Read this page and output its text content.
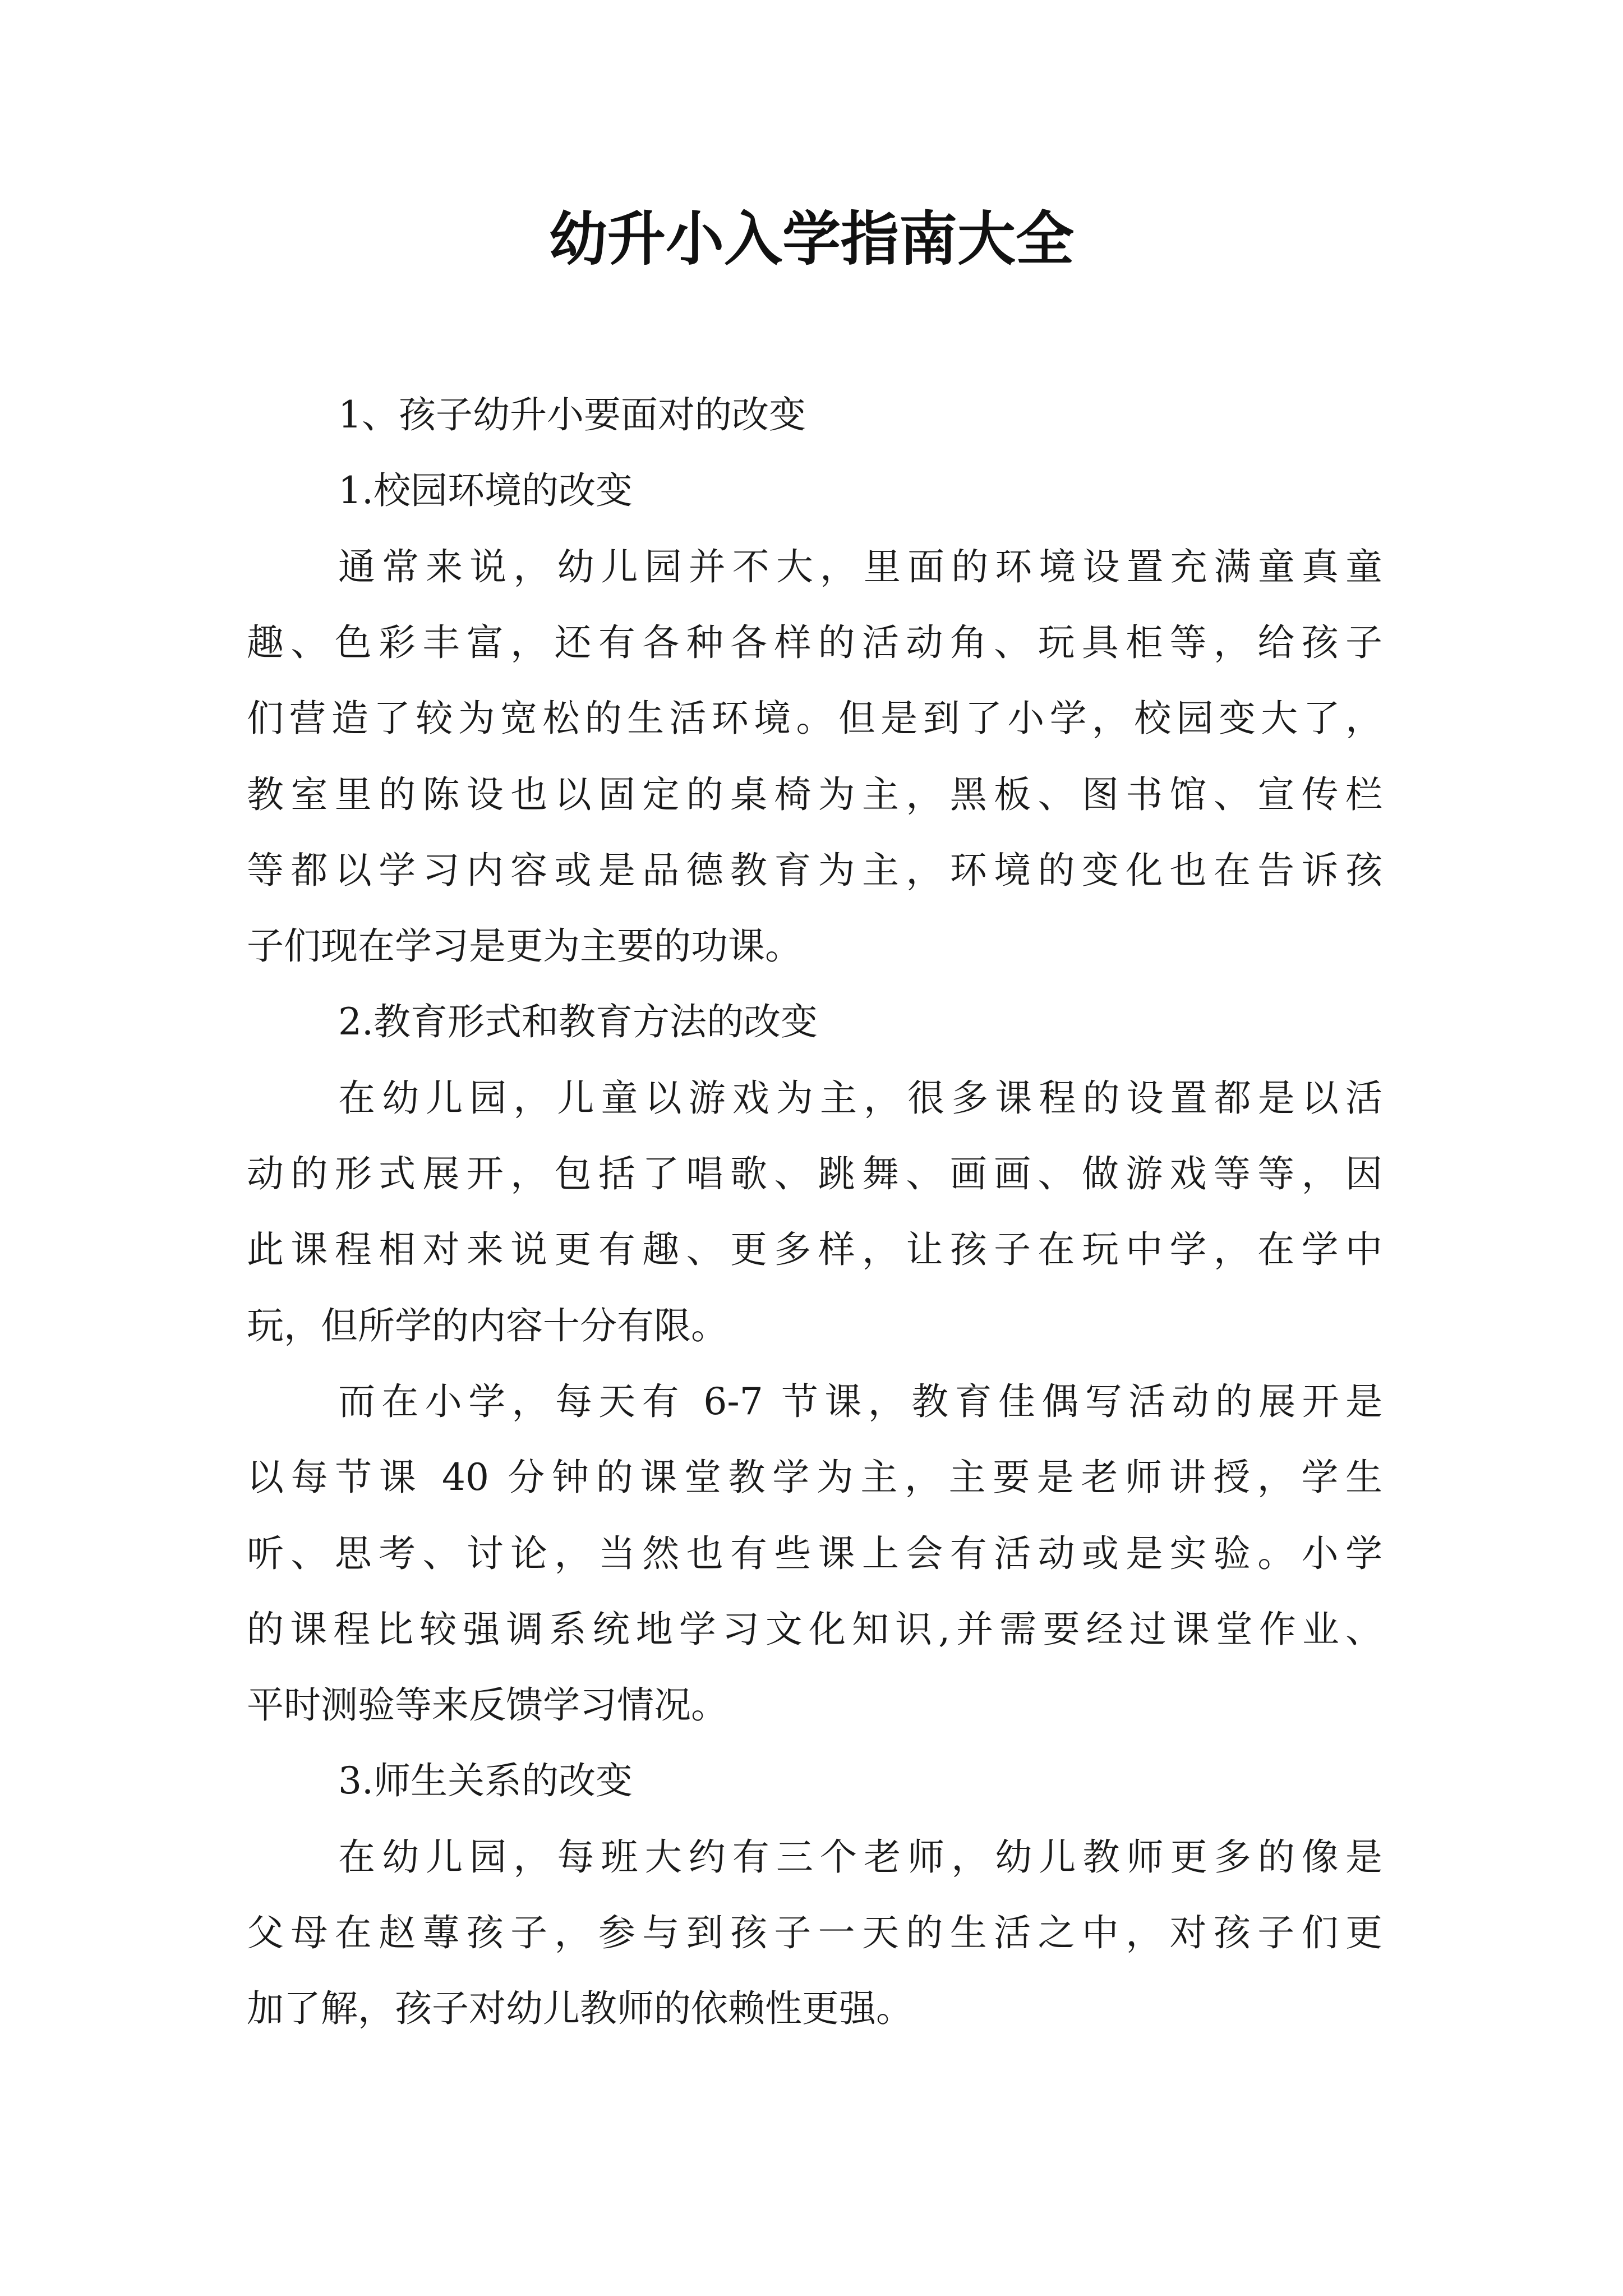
幼升小入学指南大全
1、孩子幼升小要面对的改变
1.校园环境的改变
通常来说，幼儿园并不大，里面的环境设置充满童真童
趣、色彩丰富，还有各种各样的活动角、玩具柜等，给孩子
们营造了较为宽松的生活环境。但是到了小学，校园变大了，
教室里的陈设也以固定的桌椅为主，黑板、图书馆、宣传栏
等都以学习内容或是品德教育为主，环境的变化也在告诉孩
子们现在学习是更为主要的功课。
2.教育形式和教育方法的改变
在幼儿园，儿童以游戏为主，很多课程的设置都是以活
动的形式展开，包括了唱歌、跳舞、画画、做游戏等等，因
此课程相对来说更有趣、更多样，让孩子在玩中学，在学中
玩，但所学的内容十分有限。
而在小学，每天有 6-7 节课，教育佳偶写活动的展开是
以每节课 40 分钟的课堂教学为主，主要是老师讲授，学生
听、思考、讨论，当然也有些课上会有活动或是实验。小学
的课程比较强调系统地学习文化知识,并需要经过课堂作业、
平时测验等来反馈学习情况。
3.师生关系的改变
在幼儿园，每班大约有三个老师，幼儿教师更多的像是
父母在赵蓴孩子，参与到孩子一天的生活之中，对孩子们更
加了解，孩子对幼儿教师的依赖性更强。
